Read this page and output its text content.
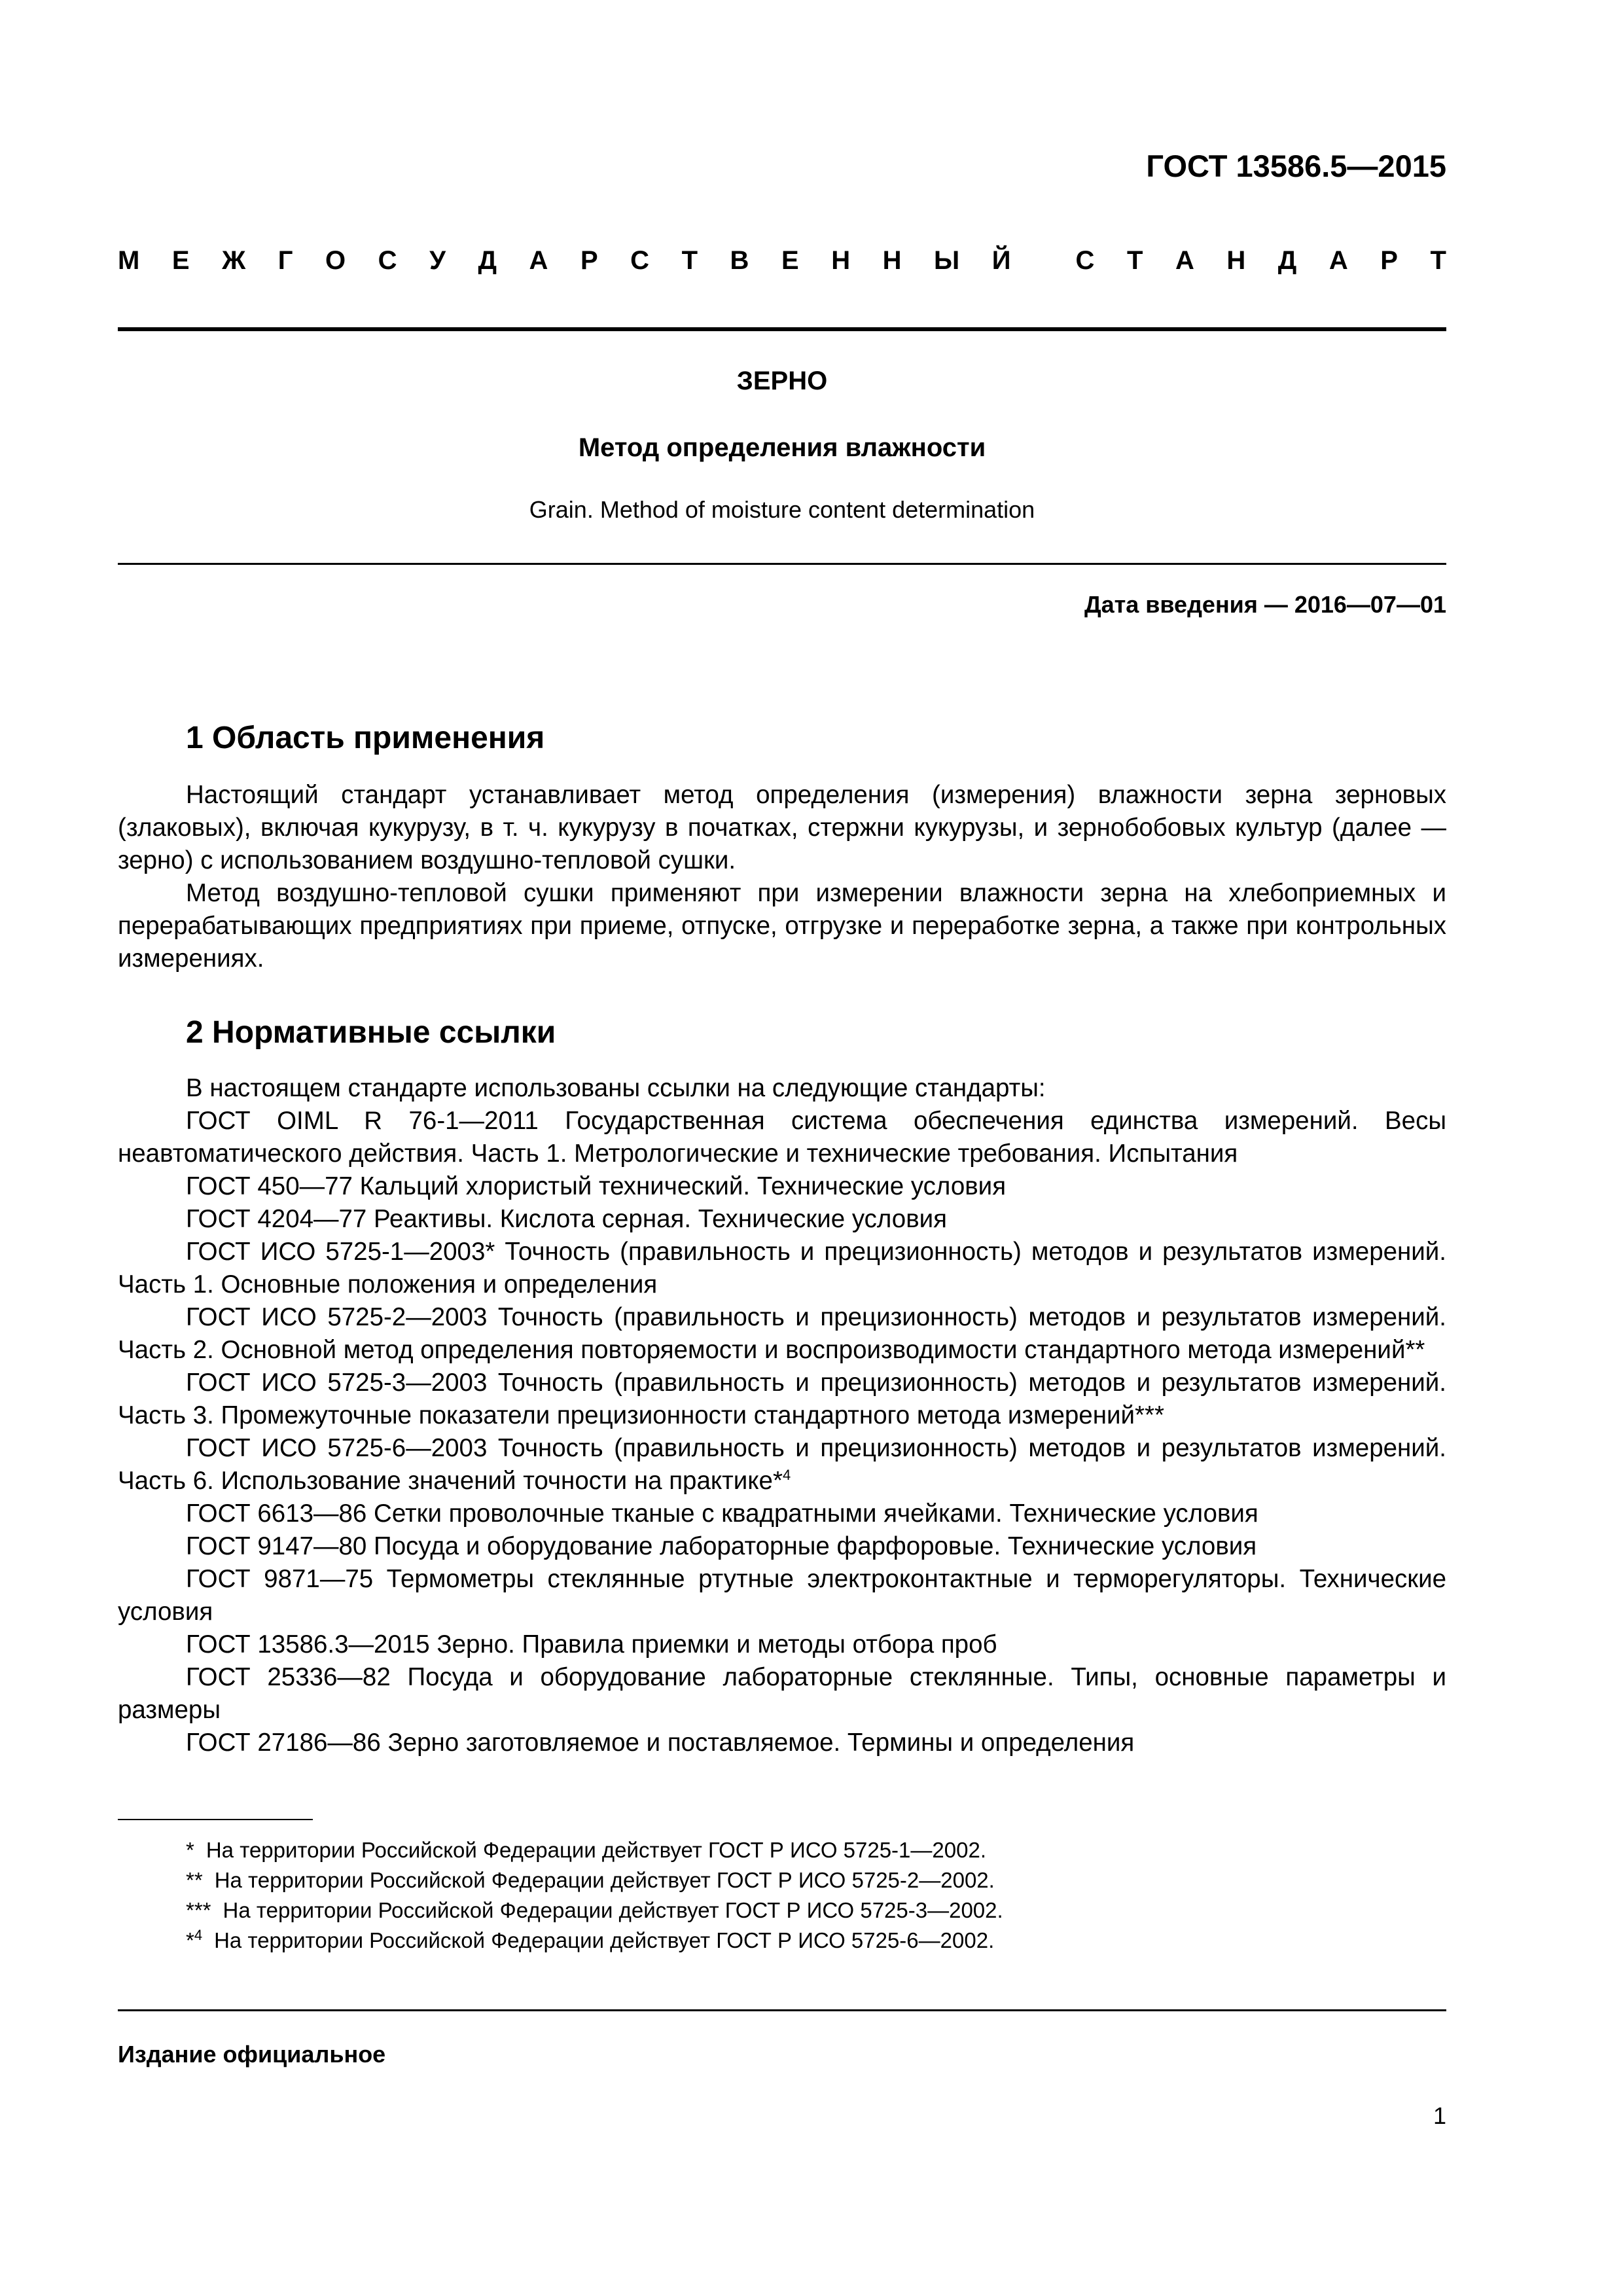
ГОСТ 13586.5—2015
М Е Ж Г О С У Д А Р С Т В Е Н Н Ы Й С Т А Н Д А Р Т
ЗЕРНО
Метод определения влажности
Grain. Method of moisture content determination
Дата введения — 2016—07—01
1 Область применения
Настоящий стандарт устанавливает метод определения (измерения) влажности зерна зерновых (злаковых), включая кукурузу, в т. ч. кукурузу в початках, стержни кукурузы, и зернобобовых культур (далее — зерно) с использованием воздушно-тепловой сушки.
Метод воздушно-тепловой сушки применяют при измерении влажности зерна на хлебоприемных и перерабатывающих предприятиях при приеме, отпуске, отгрузке и переработке зерна, а также при контрольных измерениях.
2 Нормативные ссылки
В настоящем стандарте использованы ссылки на следующие стандарты:
ГОСТ OIML R 76-1—2011 Государственная система обеспечения единства измерений. Весы неавтоматического действия. Часть 1. Метрологические и технические требования. Испытания
ГОСТ 450—77 Кальций хлористый технический. Технические условия
ГОСТ 4204—77 Реактивы. Кислота серная. Технические условия
ГОСТ ИСО 5725-1—2003* Точность (правильность и прецизионность) методов и результатов измерений. Часть 1. Основные положения и определения
ГОСТ ИСО 5725-2—2003 Точность (правильность и прецизионность) методов и результатов измерений. Часть 2. Основной метод определения повторяемости и воспроизводимости стандартного метода измерений**
ГОСТ ИСО 5725-3—2003 Точность (правильность и прецизионность) методов и результатов измерений. Часть 3. Промежуточные показатели прецизионности стандартного метода измерений***
ГОСТ ИСО 5725-6—2003 Точность (правильность и прецизионность) методов и результатов измерений. Часть 6. Использование значений точности на практике*$^4$
ГОСТ 6613—86 Сетки проволочные тканые с квадратными ячейками. Технические условия
ГОСТ 9147—80 Посуда и оборудование лабораторные фарфоровые. Технические условия
ГОСТ 9871—75 Термометры стеклянные ртутные электроконтактные и терморегуляторы. Технические условия
ГОСТ 13586.3—2015 Зерно. Правила приемки и методы отбора проб
ГОСТ 25336—82 Посуда и оборудование лабораторные стеклянные. Типы, основные параметры и размеры
ГОСТ 27186—86 Зерно заготовляемое и поставляемое. Термины и определения
* На территории Российской Федерации действует ГОСТ Р ИСО 5725-1—2002.
** На территории Российской Федерации действует ГОСТ Р ИСО 5725-2—2002.
*** На территории Российской Федерации действует ГОСТ Р ИСО 5725-3—2002.
*$^4$ На территории Российской Федерации действует ГОСТ Р ИСО 5725-6—2002.
Издание официальное
1
